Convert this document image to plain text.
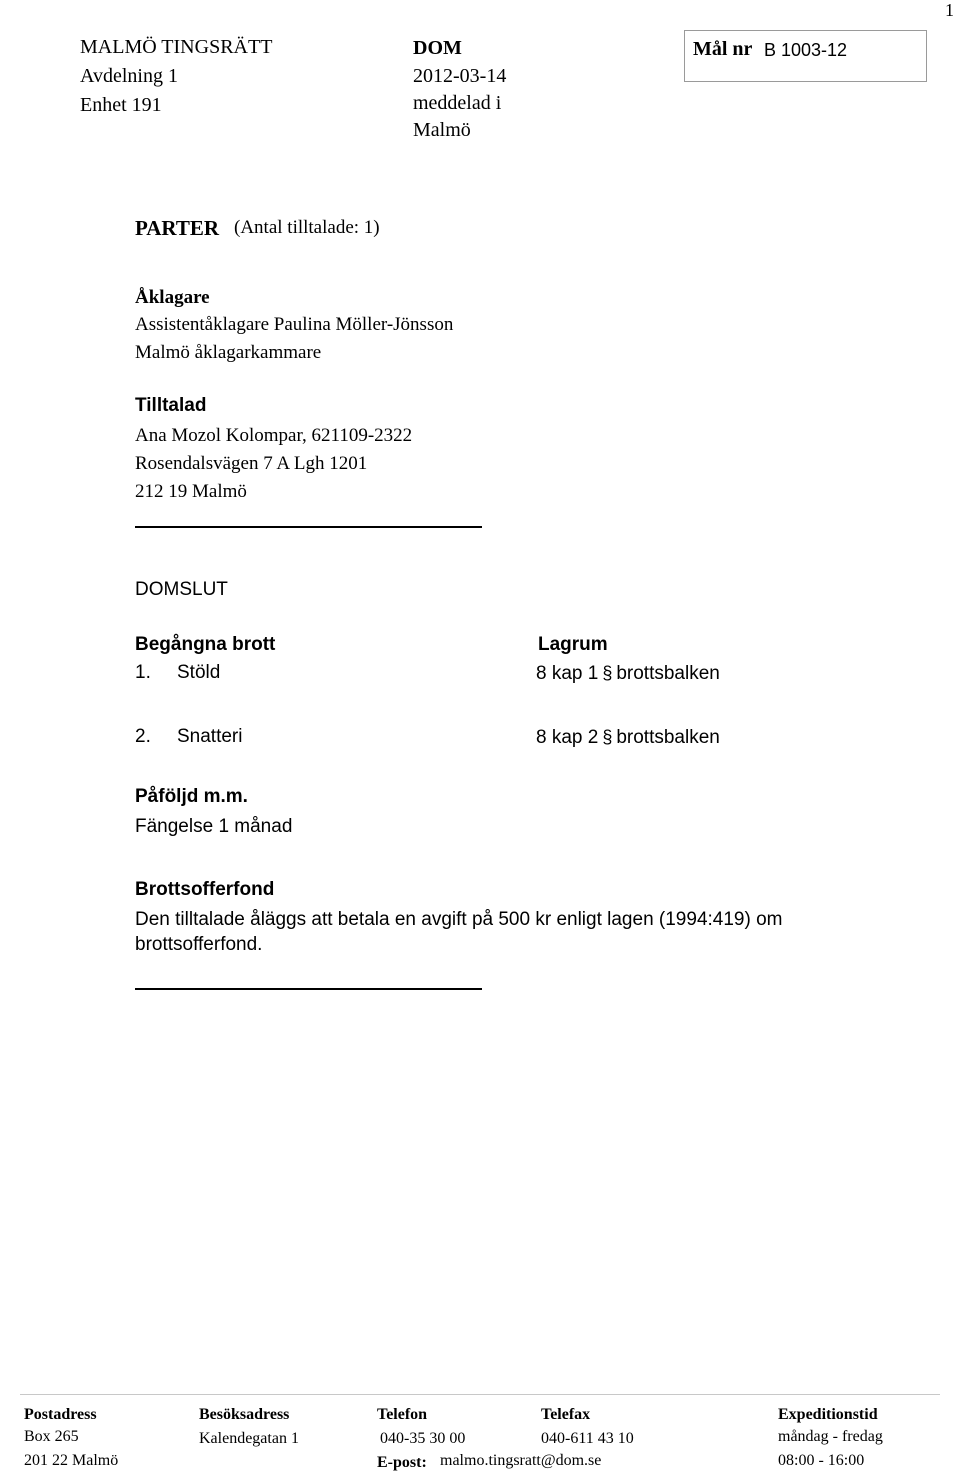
1
MALMÖ TINGSRÄTT
Avdelning 1
Enhet 191
DOM
2012-03-14
meddelad i
Malmö
Mål nr B 1003-12
PARTER (Antal tilltalade: 1)
Åklagare
Assistentåklagare Paulina Möller-Jönsson
Malmö åklagarkammare
Tilltalad
Ana Mozol Kolompar, 621109-2322
Rosendalsvägen 7 A Lgh 1201
212 19 Malmö
DOMSLUT
Begångna brott	Lagrum
1. Stöld	8 kap 1 § brottsbalken
2. Snatteri	8 kap 2 § brottsbalken
Påföljd m.m.
Fängelse 1 månad
Brottsofferfond
Den tilltalade åläggs att betala en avgift på 500 kr enligt lagen (1994:419) om
brottsofferfond.
Postadress
Box 265
201 22 Malmö
Besöksadress
Kalendegatan 1
Telefon
040-35 30 00
E-post: malmo.tingsratt@dom.se
Telefax
040-611 43 10
Expeditionstid
måndag - fredag
08:00 - 16:00
